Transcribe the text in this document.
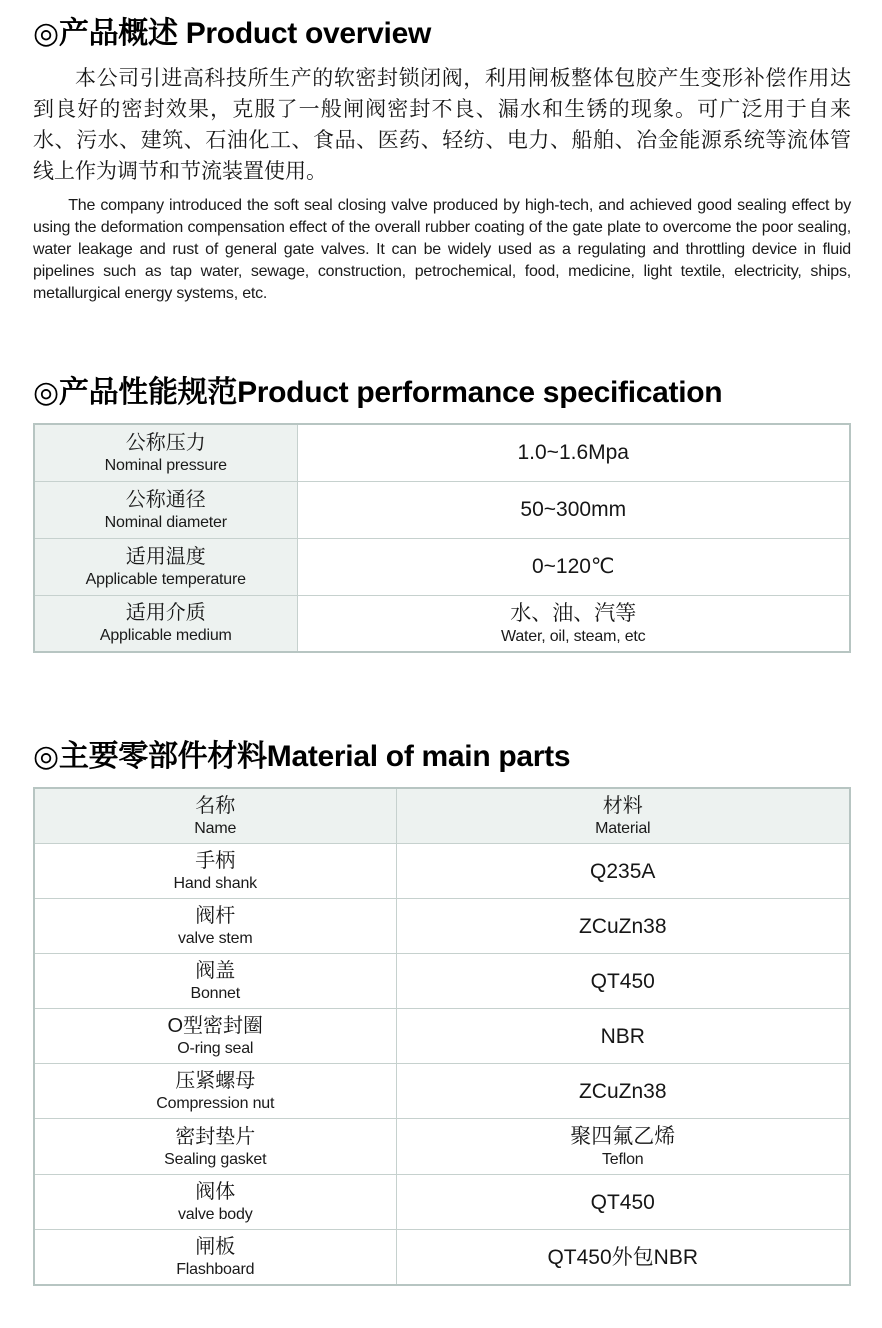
◎产品概述 Product overview

本公司引进高科技所生产的软密封锁闭阀，利用闸板整体包胶产生变形补偿作用达到良好的密封效果，克服了一般闸阀密封不良、漏水和生锈的现象。可广泛用于自来水、污水、建筑、石油化工、食品、医药、轻纺、电力、船舶、冶金能源系统等流体管线上作为调节和节流装置使用。

The company introduced the soft seal closing valve produced by high-tech, and achieved good sealing effect by using the deformation compensation effect of the overall rubber coating of the gate plate to overcome the poor sealing, water leakage and rust of general gate valves. It can be widely used as a regulating and throttling device in fluid pipelines such as tap water, sewage, construction, petrochemical, food, medicine, light textile, electricity, ships, metallurgical energy systems, etc.

◎产品性能规范Product performance specification
公称压力
Nominal pressure	1.0~1.6Mpa

公称通径
Nominal diameter	50~300mm

适用温度
Applicable temperature	0~120℃

适用介质
Applicable medium	水、油、汽等
Water, oil, steam, etc
◎主要零部件材料Material of main parts
名称
Name	材料
Material

手柄
Hand shank	Q235A

阀杆
valve stem	ZCuZn38

阀盖
Bonnet	QT450

O型密封圈
O-ring seal	NBR

压紧螺母
Compression nut	ZCuZn38

密封垫片
Sealing gasket	聚四氟乙烯
Teflon

阀体
valve body	QT450

闸板
Flashboard	QT450外包NBR
